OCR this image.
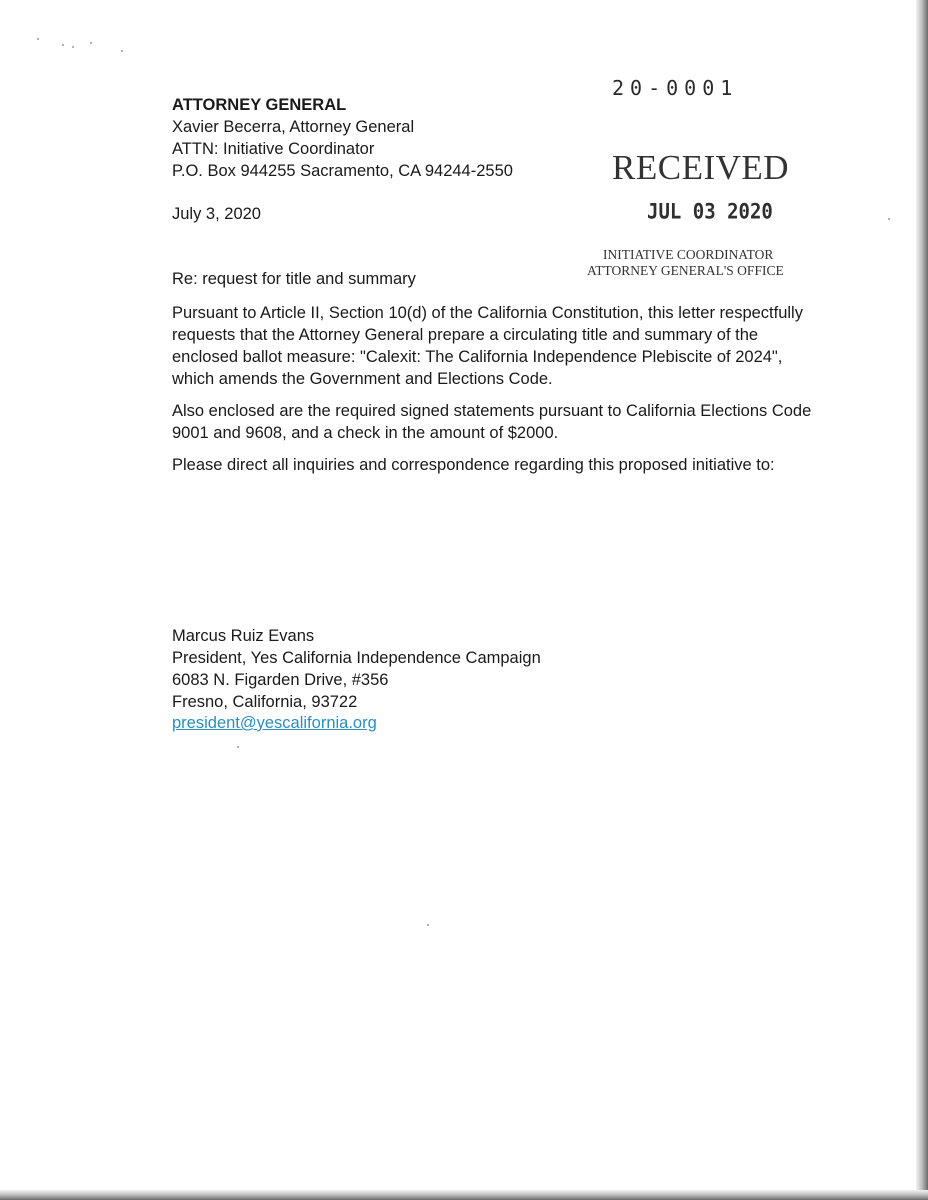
20-0001
RECEIVED
JUL 03 2020
INITIATIVE COORDINATOR
ATTORNEY GENERAL'S OFFICE
ATTORNEY GENERAL
Xavier Becerra, Attorney General
ATTN: Initiative Coordinator
P.O. Box 944255 Sacramento, CA 94244-2550
July 3, 2020
Re: request for title and summary
Pursuant to Article II, Section 10(d) of the California Constitution, this letter respectfully
requests that the Attorney General prepare a circulating title and summary of the
enclosed ballot measure: "Calexit: The California Independence Plebiscite of 2024",
which amends the Government and Elections Code.
Also enclosed are the required signed statements pursuant to California Elections Code
9001 and 9608, and a check in the amount of $2000.
Please direct all inquiries and correspondence regarding this proposed initiative to:
Marcus Ruiz Evans
President, Yes California Independence Campaign
6083 N. Figarden Drive, #356
Fresno, California, 93722
president@yescalifornia.org
